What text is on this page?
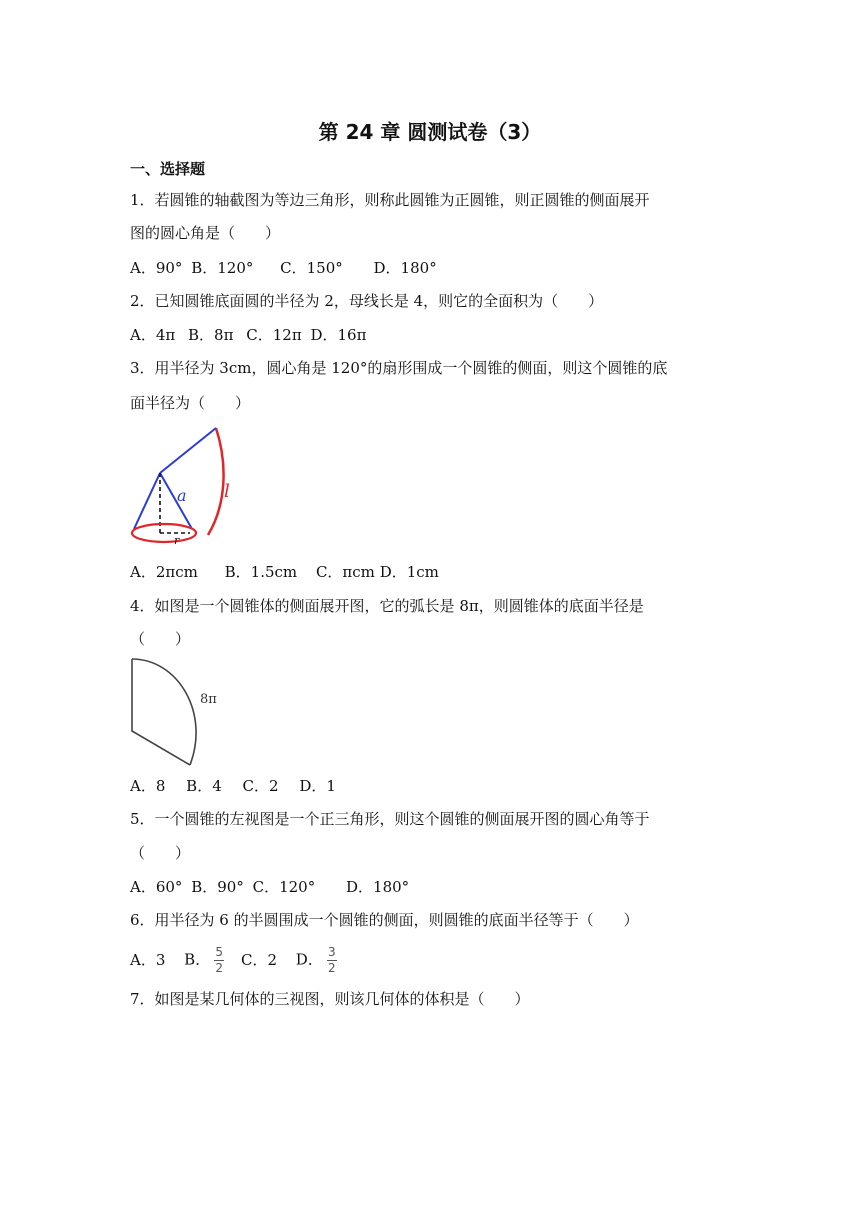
第 24 章 圆测试卷（3）
一、选择题
1．若圆锥的轴截图为等边三角形，则称此圆锥为正圆锥，则正圆锥的侧面展开
图的圆心角是（　　）
A．90° B．120° C．150° D．180°
2．已知圆锥底面圆的半径为 2，母线长是 4，则它的全面积为（　　）
A．4π B．8π C．12π D．16π
3．用半径为 3cm，圆心角是 120°的扇形围成一个圆锥的侧面，则这个圆锥的底
面半径为（　　）
a l
r
A．2πcm B．1.5cm C．πcm D．1cm
4．如图是一个圆锥体的侧面展开图，它的弧长是 8π，则圆锥体的底面半径是
（　　）
8π
A．8 B．4 C．2 D．1
5．一个圆锥的左视图是一个正三角形，则这个圆锥的侧面展开图的圆心角等于
（　　）
A．60° B．90° C．120° D．180°
6．用半径为 6 的半圆围成一个圆锥的侧面，则圆锥的底面半径等于（　　）
A．3 B． $\frac{5}{2}$ C．2 D． $\frac{3}{2}$
7．如图是某几何体的三视图，则该几何体的体积是（　　）
